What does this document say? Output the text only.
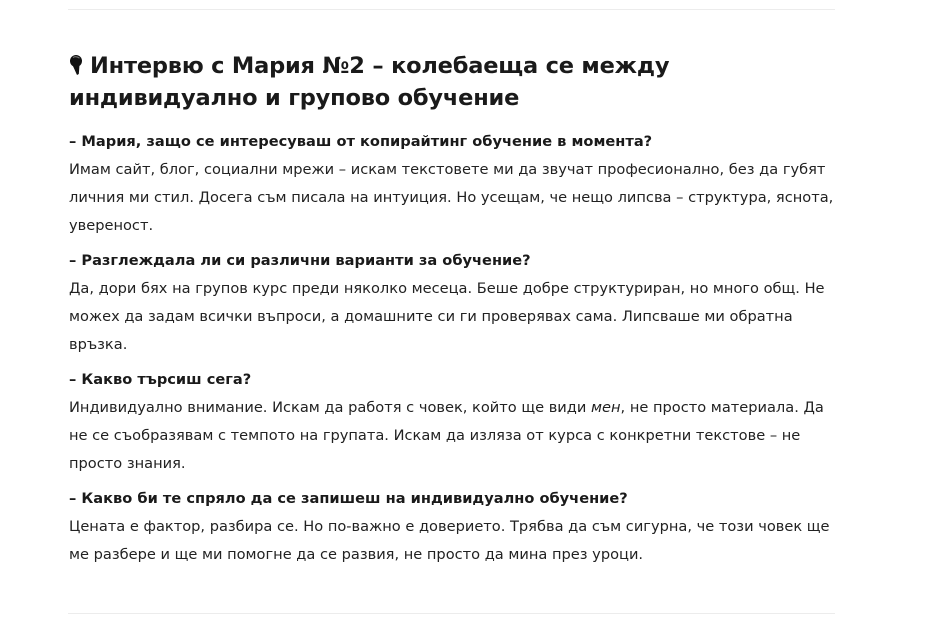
Интервю с Мария №2 – колебаеща се между индивидуално и групово обучение

– Мария, защо се интересуваш от копирайтинг обучение в момента?

Имам сайт, блог, социални мрежи – искам текстовете ми да звучат професионално, без да губят личния ми стил. Досега съм писала на интуиция. Но усещам, че нещо липсва – структура, яснота, увереност.

– Разглеждала ли си различни варианти за обучение?

Да, дори бях на групов курс преди няколко месеца. Беше добре структуриран, но много общ. Не можех да задам всички въпроси, а домашните си ги проверявах сама. Липсваше ми обратна връзка.

– Какво търсиш сега?

Индивидуално внимание. Искам да работя с човек, който ще види мен, не просто материала. Да не се съобразявам с темпото на групата. Искам да изляза от курса с конкретни текстове – не просто знания.

– Какво би те спряло да се запишеш на индивидуално обучение?

Цената е фактор, разбира се. Но по-важно е доверието. Трябва да съм сигурна, че този човек ще ме разбере и ще ми помогне да се развия, не просто да мина през уроци.
